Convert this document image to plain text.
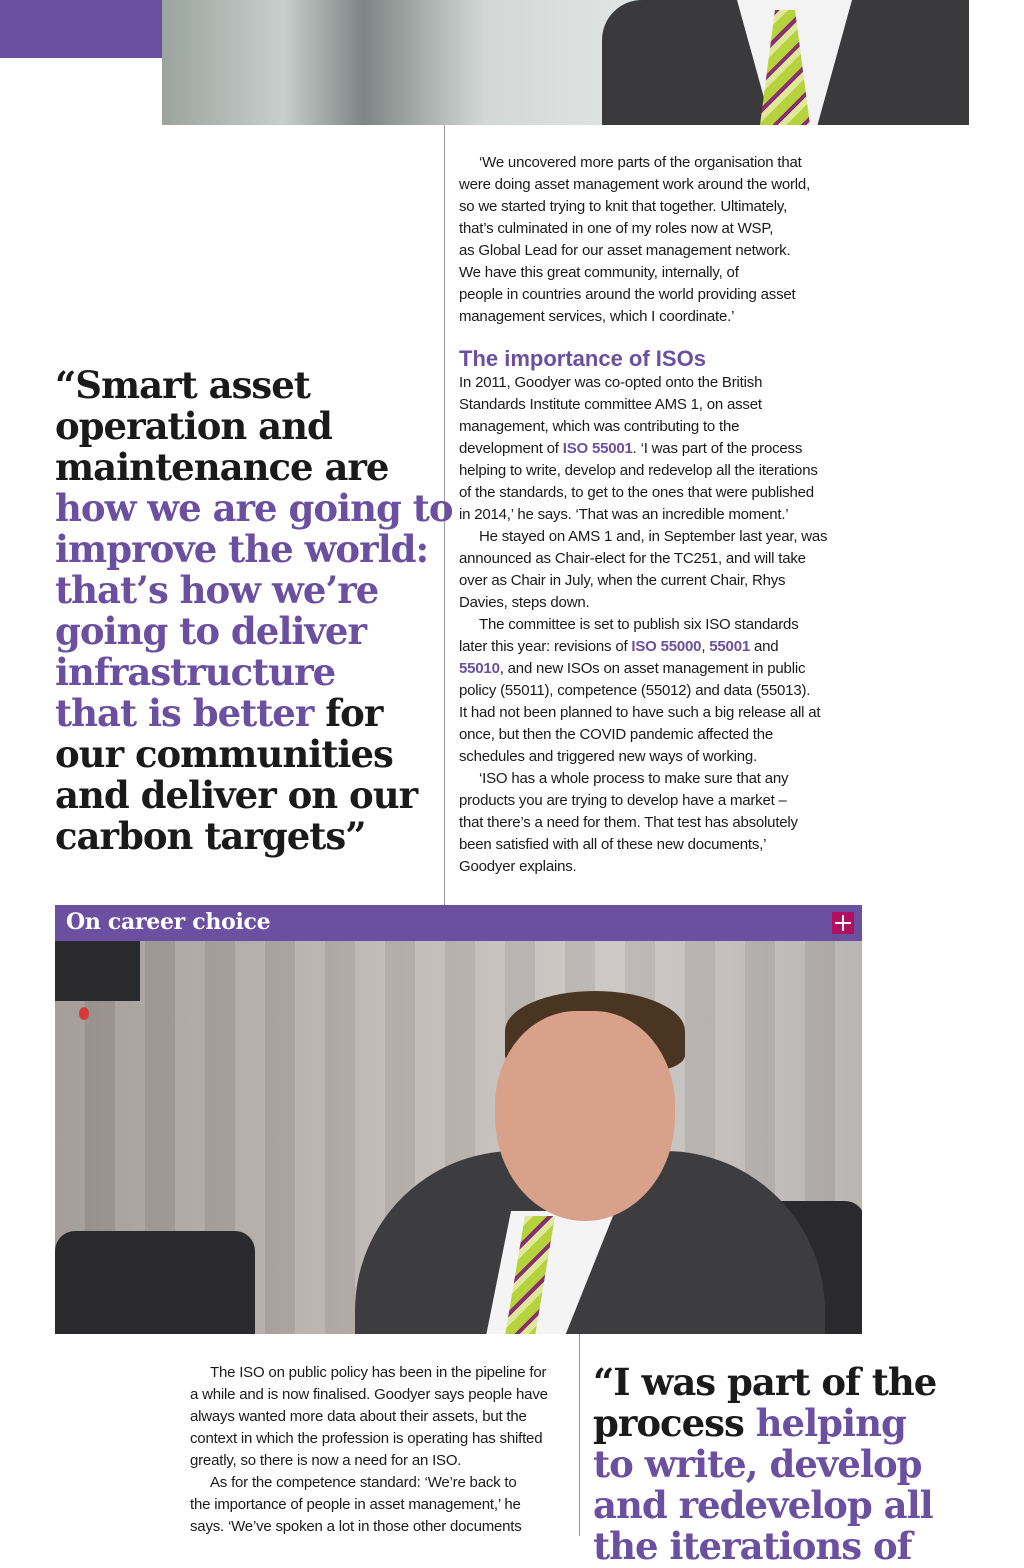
‘We uncovered more parts of the organisation that
were doing asset management work around the world,
so we started trying to knit that together. Ultimately,
that’s culminated in one of my roles now at WSP,
as Global Lead for our asset management network.
We have this great community, internally, of
people in countries around the world providing asset
management services, which I coordinate.’
The importance of ISOs
In 2011, Goodyer was co-opted onto the British
Standards Institute committee AMS 1, on asset
management, which was contributing to the
development of ISO 55001. ‘I was part of the process
helping to write, develop and redevelop all the iterations
of the standards, to get to the ones that were published
in 2014,’ he says. ‘That was an incredible moment.’
He stayed on AMS 1 and, in September last year, was
announced as Chair-elect for the TC251, and will take
over as Chair in July, when the current Chair, Rhys
Davies, steps down.
The committee is set to publish six ISO standards
later this year: revisions of ISO 55000, 55001 and
55010, and new ISOs on asset management in public
policy (55011), competence (55012) and data (55013).
It had not been planned to have such a big release all at
once, but then the COVID pandemic affected the
schedules and triggered new ways of working.
‘ISO has a whole process to make sure that any
products you are trying to develop have a market –
that there’s a need for them. That test has absolutely
been satisfied with all of these new documents,’
Goodyer explains.
“Smart asset
operation and
maintenance are
how we are going to
improve the world:
that’s how we’re
going to deliver
infrastructure
that is better for
our communities
and deliver on our
carbon targets”
On career choice
The ISO on public policy has been in the pipeline for
a while and is now finalised. Goodyer says people have
always wanted more data about their assets, but the
context in which the profession is operating has shifted
greatly, so there is now a need for an ISO.
As for the competence standard: ‘We’re back to
the importance of people in asset management,’ he
says. ‘We’ve spoken a lot in those other documents
“I was part of the
process helping
to write, develop
and redevelop all
the iterations of
